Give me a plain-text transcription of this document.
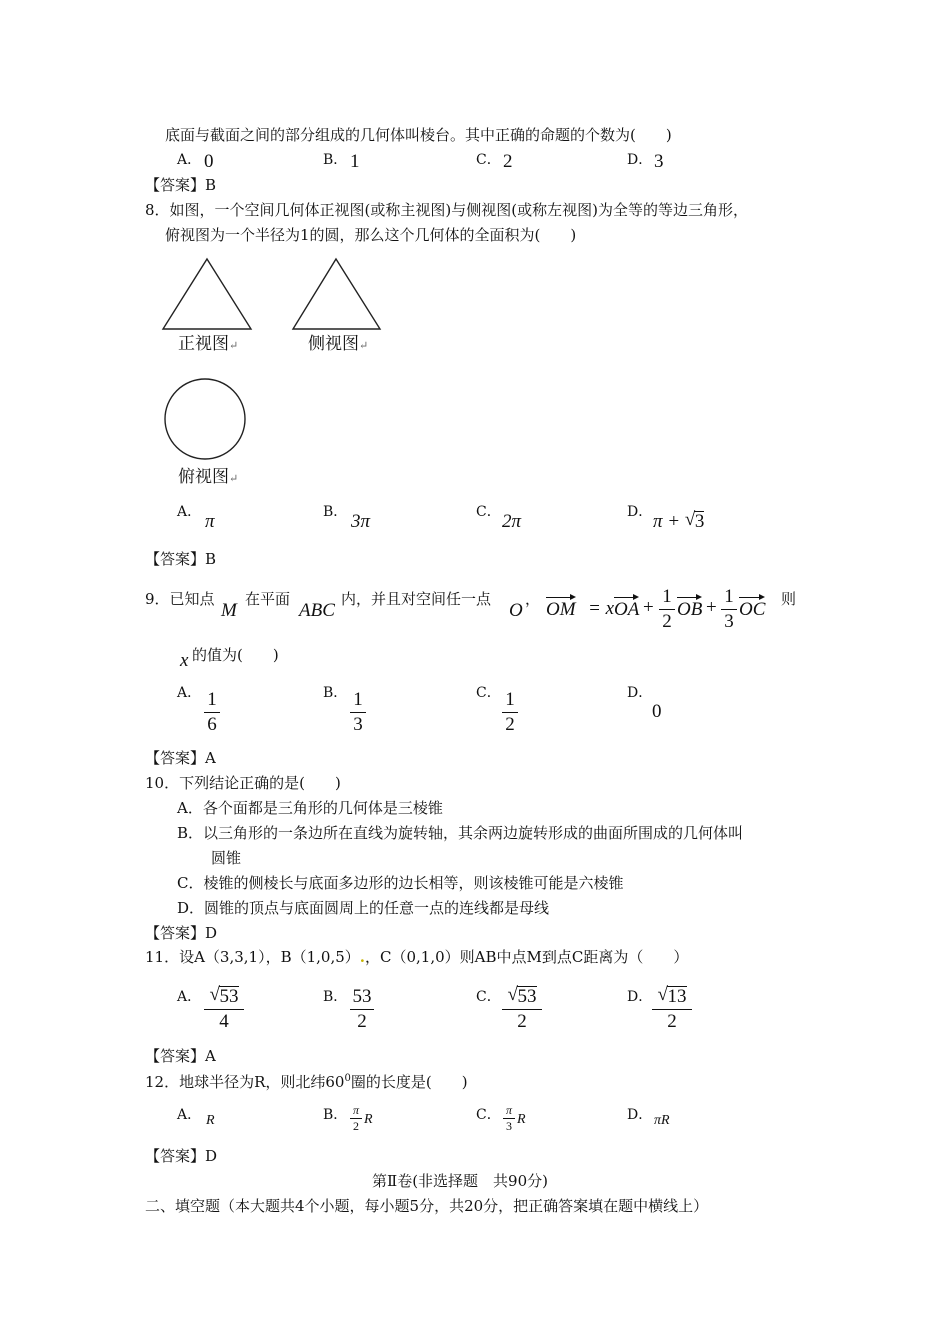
底面与截面之间的部分组成的几何体叫棱台。其中正确的命题的个数为(　　)
A． 0	B． 1	C． 2	D． 3
【答案】B
8．如图，一个空间几何体正视图(或称主视图)与侧视图(或称左视图)为全等的等边三角形，
俯视图为一个半径为1的圆，那么这个几何体的全面积为(　　)
正视图↵	侧视图↵
俯视图↵
A． π	B． 3π	C． 2π	D． π + √ 3
【答案】B
9．已知点
M
在平面
ABC
内，并且对空间任一点
O
， OM = x OA +
1
2
OB +
1
3
OC 则
x 的值为(　　)
A． 1
6
B． 1
3
C． 1
2
D．
0
【答案】A
10．下列结论正确的是(　　)
A．各个面都是三角形的几何体是三棱锥
B．以三角形的一条边所在直线为旋转轴，其余两边旋转形成的曲面所围成的几何体叫
圆锥
C．棱锥的侧棱长与底面多边形的边长相等，则该棱锥可能是六棱锥
D．圆锥的顶点与底面圆周上的任意一点的连线都是母线
【答案】D
11．设A（3,3,1），B（1,0,5）.，C（0,1,0）则AB中点M到点C距离为（　　）
A． √ 53
4
B． 53
2
C． √ 53
2
D． √ 13
2
【答案】A
12．地球半径为R，则北纬$60^0$圈的长度是(　　)
A． R	B． π
2 R	C． π
3 R	D． πR
【答案】D
第Ⅱ卷(非选择题　共90分)
二、填空题（本大题共4个小题，每小题5分，共20分，把正确答案填在题中横线上）
